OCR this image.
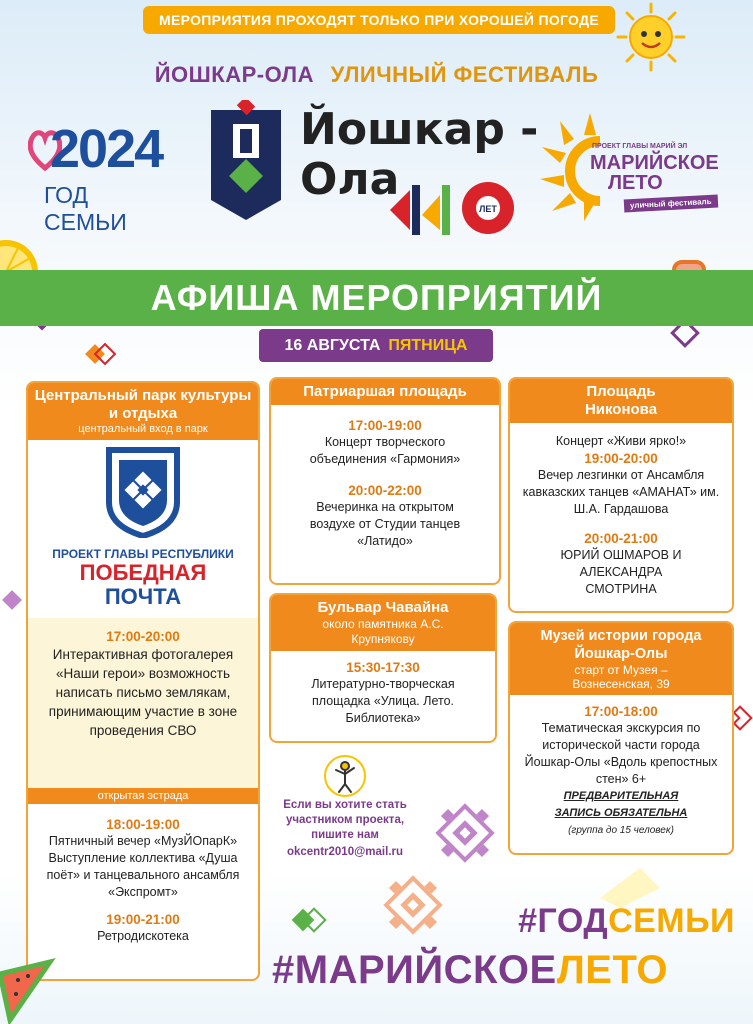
МЕРОПРИЯТИЯ ПРОХОДЯТ ТОЛЬКО ПРИ ХОРОШЕЙ ПОГОДЕ
ЙОШКАР-ОЛА УЛИЧНЫЙ ФЕСТИВАЛЬ
2024
ГОД СЕМЬИ
Йошкар -
Ола
ЛЕТ
ПРОЕКТ ГЛАВЫ МАРИЙ ЭЛ
МАРИЙСКОЕ
ЛЕТО
уличный фестиваль
АФИША МЕРОПРИЯТИЙ
16 АВГУСТА ПЯТНИЦА
Центральный парк культуры и отдыха
центральный вход в парк
ПРОЕКТ ГЛАВЫ РЕСПУБЛИКИ
ПОБЕДНАЯ
ПОЧТА
17:00-20:00
Интерактивная фотогалерея «Наши герои» возможность написать письмо землякам, принимающим участие в зоне проведения СВО
открытая эстрада
18:00-19:00
Пятничный вечер «МузЙОпарК» Выступление коллектива «Душа поёт» и танцевального ансамбля «Экспромт»
19:00-21:00
Ретродискотека
Патриаршая площадь
17:00-19:00
Концерт творческого объединения «Гармония»
20:00-22:00
Вечеринка на открытом воздухе от Студии танцев «Латидо»
Бульвар Чавайна
около памятника А.С. Крупнякову
15:30-17:30
Литературно-творческая площадка «Улица. Лето. Библиотека»
Площадь Никонова
Концерт «Живи ярко!»
19:00-20:00
Вечер лезгинки от Ансамбля кавказских танцев «АМАНАТ» им. Ш.А. Гардашова
20:00-21:00
ЮРИЙ ОШМАРОВ И АЛЕКСАНДРА СМОТРИНА
Музей истории города Йошкар-Олы
старт от Музея – Вознесенская, 39
17:00-18:00
Тематическая экскурсия по исторической части города Йошкар-Олы «Вдоль крепостных стен» 6+
ПРЕДВАРИТЕЛЬНАЯ ЗАПИСЬ ОБЯЗАТЕЛЬНА
(группа до 15 человек)
Если вы хотите стать участником проекта, пишите нам
okcentr2010@mail.ru
#ГОДСЕМЬИ
#МАРИЙСКОЕЛЕТО
